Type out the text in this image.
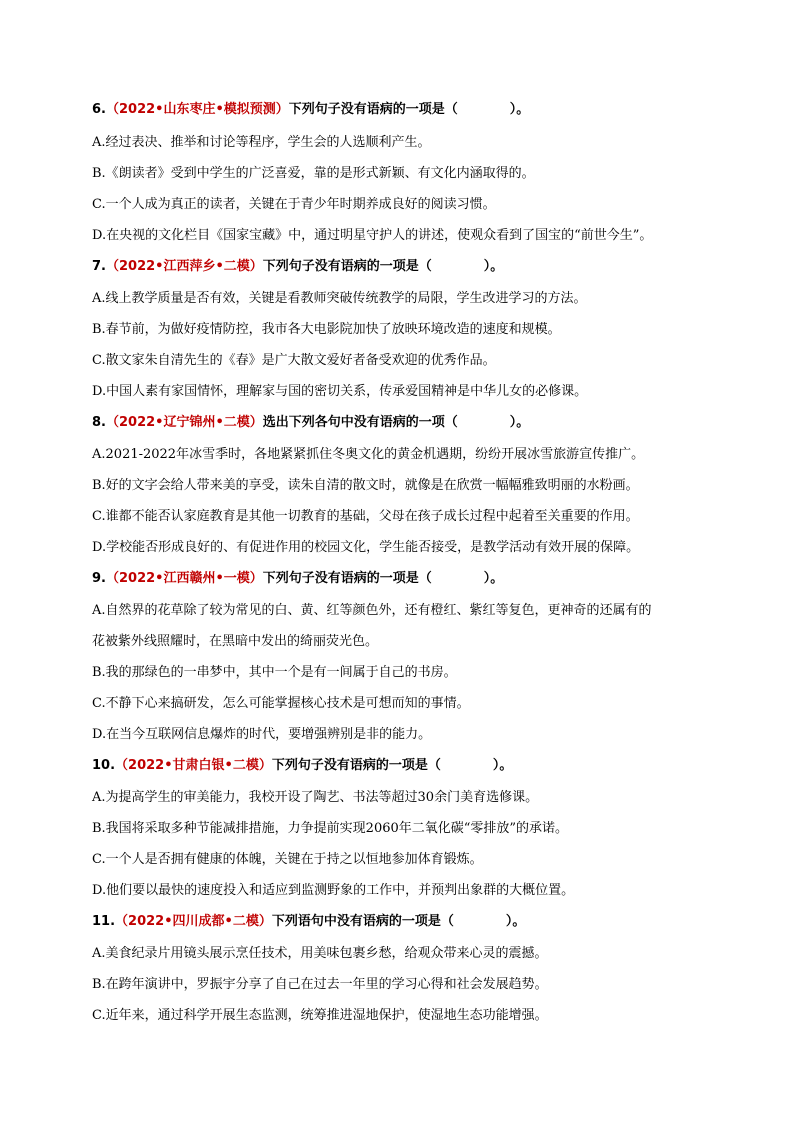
6.（2022•山东枣庄•模拟预测）下列句子没有语病的一项是（　　　　）。
A.经过表决、推举和讨论等程序，学生会的人选顺利产生。
B.《朗读者》受到中学生的广泛喜爱，靠的是形式新颖、有文化内涵取得的。
C.一个人成为真正的读者，关键在于青少年时期养成良好的阅读习惯。
D.在央视的文化栏目《国家宝藏》中，通过明星守护人的讲述，使观众看到了国宝的“前世今生”。
7.（2022•江西萍乡•二模）下列句子没有语病的一项是（　　　　）。
A.线上教学质量是否有效，关键是看教师突破传统教学的局限，学生改进学习的方法。
B.春节前，为做好疫情防控，我市各大电影院加快了放映环境改造的速度和规模。
C.散文家朱自清先生的《春》是广大散文爱好者备受欢迎的优秀作品。
D.中国人素有家国情怀，理解家与国的密切关系，传承爱国精神是中华儿女的必修课。
8.（2022•辽宁锦州•二模）选出下列各句中没有语病的一项（　　　　）。
A.2021-2022年冰雪季时，各地紧紧抓住冬奥文化的黄金机遇期，纷纷开展冰雪旅游宣传推广。
B.好的文字会给人带来美的享受，读朱自清的散文时，就像是在欣赏一幅幅雅致明丽的水粉画。
C.谁都不能否认家庭教育是其他一切教育的基础，父母在孩子成长过程中起着至关重要的作用。
D.学校能否形成良好的、有促进作用的校园文化，学生能否接受，是教学活动有效开展的保障。
9.（2022•江西赣州•一模）下列句子没有语病的一项是（　　　　）。
A.自然界的花草除了较为常见的白、黄、红等颜色外，还有橙红、紫红等复色，更神奇的还属有的
花被紫外线照耀时，在黑暗中发出的绮丽荧光色。
B.我的那绿色的一串梦中，其中一个是有一间属于自己的书房。
C.不静下心来搞研发，怎么可能掌握核心技术是可想而知的事情。
D.在当今互联网信息爆炸的时代，要增强辨别是非的能力。
10.（2022•甘肃白银•二模）下列句子没有语病的一项是（　　　　）。
A.为提高学生的审美能力，我校开设了陶艺、书法等超过30余门美育选修课。
B.我国将采取多种节能减排措施，力争提前实现2060年二氧化碳“零排放”的承诺。
C.一个人是否拥有健康的体魄，关键在于持之以恒地参加体育锻炼。
D.他们要以最快的速度投入和适应到监测野象的工作中，并预判出象群的大概位置。
11.（2022•四川成都•二模）下列语句中没有语病的一项是（　　　　）。
A.美食纪录片用镜头展示烹任技术，用美味包裹乡愁，给观众带来心灵的震撼。
B.在跨年演讲中，罗振宇分享了自己在过去一年里的学习心得和社会发展趋势。
C.近年来，通过科学开展生态监测，统筹推进湿地保护，使湿地生态功能增强。
